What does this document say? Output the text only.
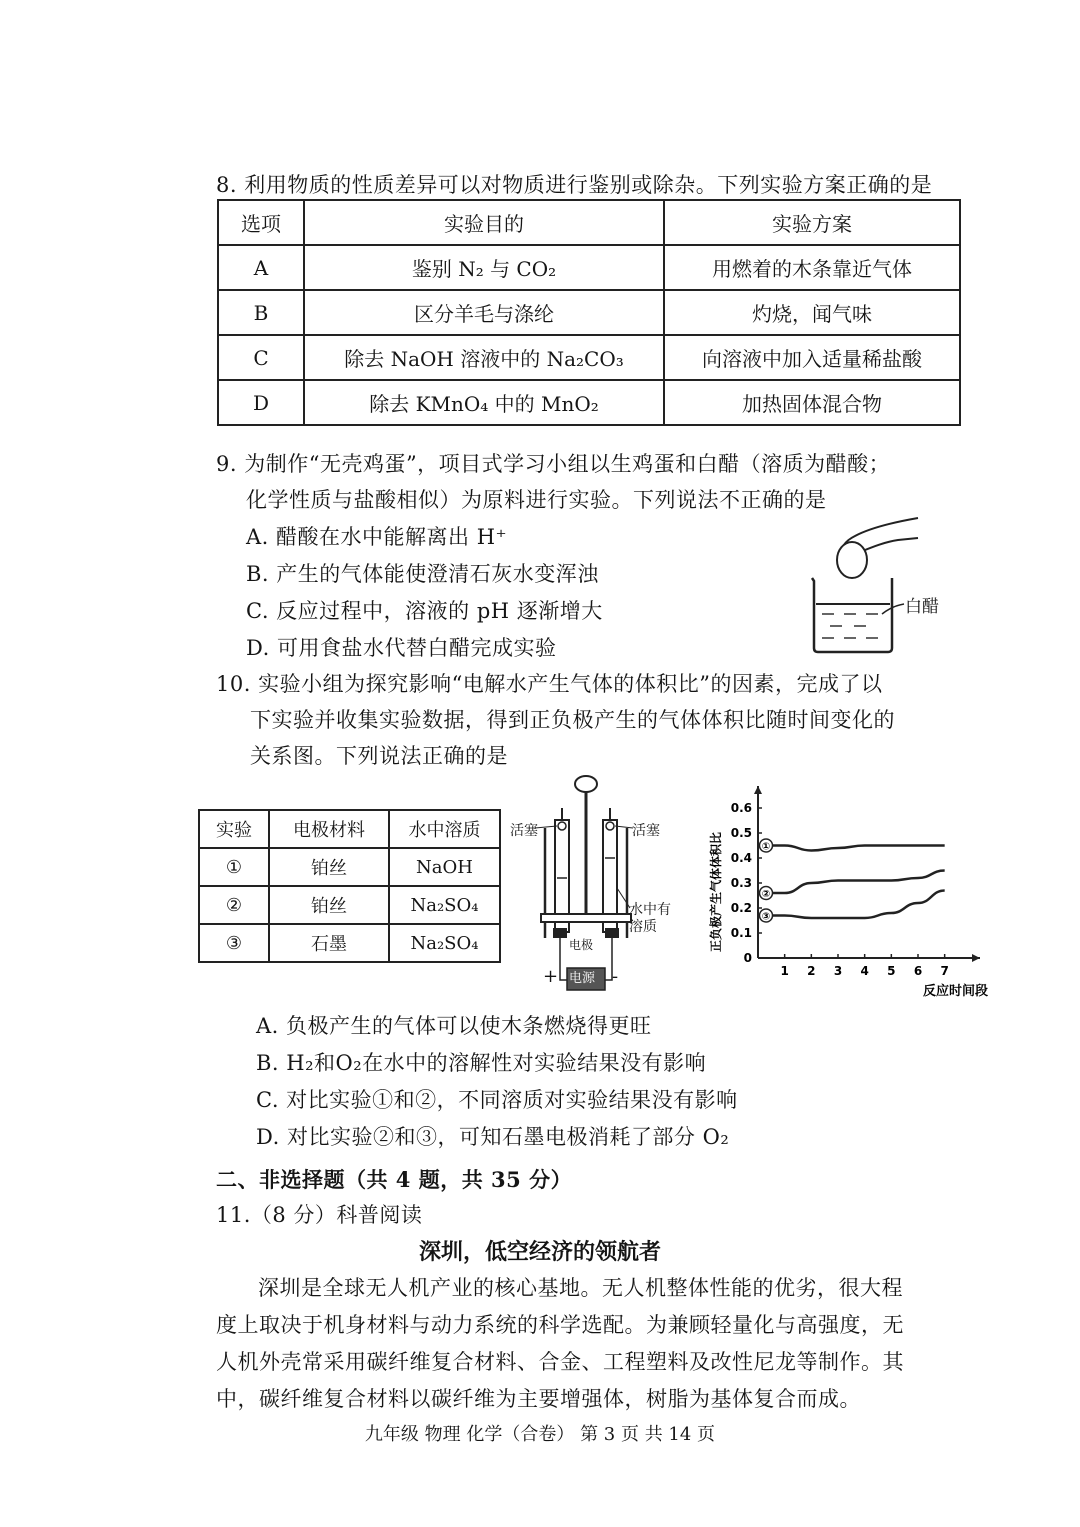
8. 利用物质的性质差异可以对物质进行鉴别或除杂。下列实验方案正确的是
选项	实验目的	实验方案
A	鉴别 N₂ 与 CO₂	用燃着的木条靠近气体
B	区分羊毛与涤纶	灼烧，闻气味
C	除去 NaOH 溶液中的 Na₂CO₃	向溶液中加入适量稀盐酸
D	除去 KMnO₄ 中的 MnO₂	加热固体混合物
9. 为制作“无壳鸡蛋”，项目式学习小组以生鸡蛋和白醋（溶质为醋酸；
化学性质与盐酸相似）为原料进行实验。下列说法不正确的是
A. 醋酸在水中能解离出 H⁺
B. 产生的气体能使澄清石灰水变浑浊
C. 反应过程中，溶液的 pH 逐渐增大
D. 可用食盐水代替白醋完成实验
白醋
10. 实验小组为探究影响“电解水产生气体的体积比”的因素，完成了以
下实验并收集实验数据，得到正负极产生的气体体积比随时间变化的
关系图。下列说法正确的是
实验	电极材料	水中溶质
①	铂丝	NaOH
②	铂丝	Na₂SO₄
③	石墨	Na₂SO₄
活塞	活塞
水中有
溶质
电极
电源
+	-
0
0.1
0.2
0.3
0.4
0.5
0.6
1 2 3 4 5 6 7
正负极产生气体体积比
反应时间段
①
②
③
A. 负极产生的气体可以使木条燃烧得更旺
B. H₂和O₂在水中的溶解性对实验结果没有影响
C. 对比实验①和②，不同溶质对实验结果没有影响
D. 对比实验②和③，可知石墨电极消耗了部分 O₂
二、非选择题（共 4 题，共 35 分）
11.（8 分）科普阅读
深圳，低空经济的领航者
深圳是全球无人机产业的核心基地。无人机整体性能的优劣，很大程
度上取决于机身材料与动力系统的科学选配。为兼顾轻量化与高强度，无
人机外壳常采用碳纤维复合材料、合金、工程塑料及改性尼龙等制作。其
中，碳纤维复合材料以碳纤维为主要增强体，树脂为基体复合而成。
九年级 物理 化学（合卷） 第 3 页 共 14 页
